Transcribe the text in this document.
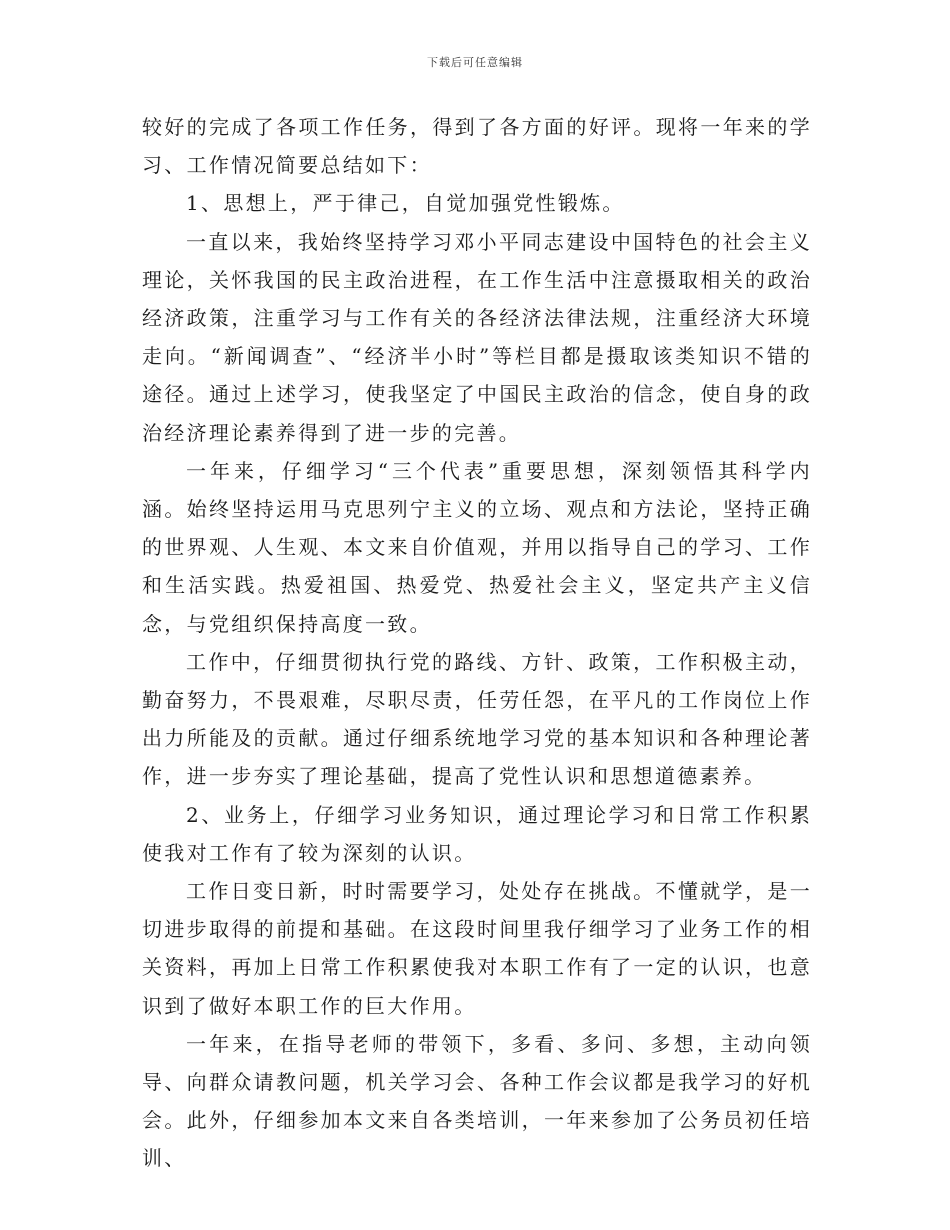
下载后可任意编辑

较好的完成了各项工作任务，得到了各方面的好评。现将一年来的学习、工作情况简要总结如下：

1、思想上，严于律己，自觉加强党性锻炼。

一直以来，我始终坚持学习邓小平同志建设中国特色的社会主义理论，关怀我国的民主政治进程，在工作生活中注意摄取相关的政治经济政策，注重学习与工作有关的各经济法律法规，注重经济大环境走向。“新闻调查”、“经济半小时”等栏目都是摄取该类知识不错的途径。通过上述学习，使我坚定了中国民主政治的信念，使自身的政治经济理论素养得到了进一步的完善。

一年来，仔细学习“三个代表”重要思想，深刻领悟其科学内涵。始终坚持运用马克思列宁主义的立场、观点和方法论，坚持正确的世界观、人生观、本文来自价值观，并用以指导自己的学习、工作和生活实践。热爱祖国、热爱党、热爱社会主义，坚定共产主义信念，与党组织保持高度一致。

工作中，仔细贯彻执行党的路线、方针、政策，工作积极主动，勤奋努力，不畏艰难，尽职尽责，任劳任怨，在平凡的工作岗位上作出力所能及的贡献。通过仔细系统地学习党的基本知识和各种理论著作，进一步夯实了理论基础，提高了党性认识和思想道德素养。

2、业务上，仔细学习业务知识，通过理论学习和日常工作积累使我对工作有了较为深刻的认识。

工作日变日新，时时需要学习，处处存在挑战。不懂就学，是一切进步取得的前提和基础。在这段时间里我仔细学习了业务工作的相关资料，再加上日常工作积累使我对本职工作有了一定的认识，也意识到了做好本职工作的巨大作用。

一年来，在指导老师的带领下，多看、多问、多想，主动向领导、向群众请教问题，机关学习会、各种工作会议都是我学习的好机会。此外，仔细参加本文来自各类培训，一年来参加了公务员初任培训、
